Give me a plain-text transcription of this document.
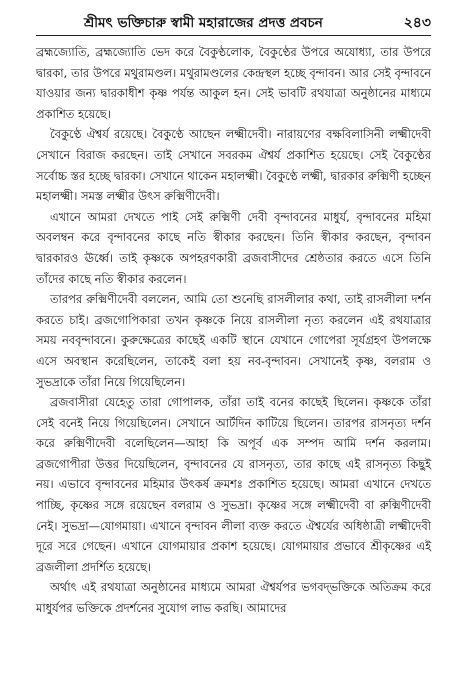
শ্রীমৎ ভক্তিচারু স্বামী মহারাজের প্রদত্ত প্রবচন	২৪৩

ব্রহ্মজ্যোতি, ব্রহ্মজ্যোতি ভেদ করে বৈকুণ্ঠলোক, বৈকুণ্ঠের উপরে অযোধ্যা, তার উপরে দ্বারকা, তার উপরে মথুরামণ্ডল। মথুরামণ্ডলের কেন্দ্রস্থল হচ্ছে বৃন্দাবন। আর সেই বৃন্দাবনে যাওয়ার জন্য দ্বারকাধীশ কৃষ্ণ পর্যন্ত আকুল হন। সেই ভাবটি রথযাত্রা অনুষ্ঠানের মাধ্যমে প্রকাশিত হয়েছে।

বৈকুণ্ঠে ঐশ্বর্য রয়েছে। বৈকুণ্ঠে আছেন লক্ষ্মীদেবী। নারায়ণের বক্ষবিলাসিনী লক্ষ্মীদেবী সেখানে বিরাজ করছেন। তাই সেখানে সবরকম ঐশ্বর্য প্রকাশিত হয়েছে। সেই বৈকুণ্ঠের সর্বোচ্চ স্তর হচ্ছে দ্বারকা। সেখানে থাকেন মহালক্ষ্মী। বৈকুণ্ঠে লক্ষ্মী, দ্বারকার রুক্মিণী হচ্ছেন মহালক্ষ্মী। সমস্ত লক্ষ্মীর উৎস রুক্মিণীদেবী।

এখানে আমরা দেখতে পাই সেই রুক্মিণী দেবী বৃন্দাবনের মাধুর্য, বৃন্দাবনের মহিমা অবলম্বন করে বৃন্দাবনের কাছে নতি স্বীকার করছেন। তিনি স্বীকার করছেন, বৃন্দাবন দ্বারকারও ঊর্ধ্বে। তাই কৃষ্ণকে অপহরণকারী ব্রজবাসীদের শ্রেষ্ঠতার করতে এসে তিনি তাঁদের কাছে নতি স্বীকার করলেন।

তারপর রুক্মিণীদেবী বললেন, আমি তো শুনেছি রাসলীলার কথা, তাই রাসলীলা দর্শন করতে চাই। ব্রজগোপিকারা তখন কৃষ্ণকে নিয়ে রাসলীলা নৃত্য করলেন এই রথযাত্রার সময় নববৃন্দাবনে। কুরুক্ষেত্রের কাছেই একটি স্থানে যেখানে গোপেরা সূর্যগ্রহণ উপলক্ষে এসে অবস্থান করেছিলেন, তাকেই বলা হয় নব-বৃন্দাবন। সেখানেই কৃষ্ণ, বলরাম ও সুভদ্রাকে তাঁরা নিয়ে গিয়েছিলেন।

ব্রজবাসীরা যেহেতু তারা গোপালক, তাঁরা তাই বনের কাছেই ছিলেন। কৃষ্ণকে তাঁরা সেই বনেই নিয়ে গিয়েছিলেন। সেখানে আর্টদিন কাটিয়ে ছিলেন। তারপর রাসনৃত্য দর্শন করে রুক্মিণীদেবী বলেছিলেন—আহা কি অপূর্ব এক সম্পদ আমি দর্শন করলাম। ব্রজগোপীরা উত্তর দিয়েছিলেন, বৃন্দাবনের যে রাসনৃত্য, তার কাছে এই রাসনৃত্য কিছুই নয়। এভাবে বৃন্দাবনের মহিমার উৎকর্ষ ক্রমশঃ প্রকাশিত হয়েছে। আমরা এখানে দেখতে পাচ্ছি, কৃষ্ণের সঙ্গে রয়েছেন বলরাম ও সুভদ্রা। কৃষ্ণের সঙ্গে লক্ষ্মীদেবী বা রুক্মিণীদেবী নেই। সুভদ্রা—যোগমায়া। এখানে বৃন্দাবন লীলা ব্যক্ত করতে ঐশ্বর্যের অধিষ্ঠাত্রী লক্ষ্মীদেবী দূরে সরে গেছেন। এখানে যোগমায়ার প্রকাশ হয়েছে। যোগমায়ার প্রভাবে শ্রীকৃষ্ণের এই ব্রজলীলা প্রদর্শিত হয়েছে।

অর্থাৎ এই রথযাত্রা অনুষ্ঠানের মাধ্যমে আমরা ঐশ্বর্যপর ভগবদ্‌ভক্তিকে অতিক্রম করে মাধুর্যপর ভক্তিকে প্রদর্শনের সুযোগ লাভ করছি। আমাদের
